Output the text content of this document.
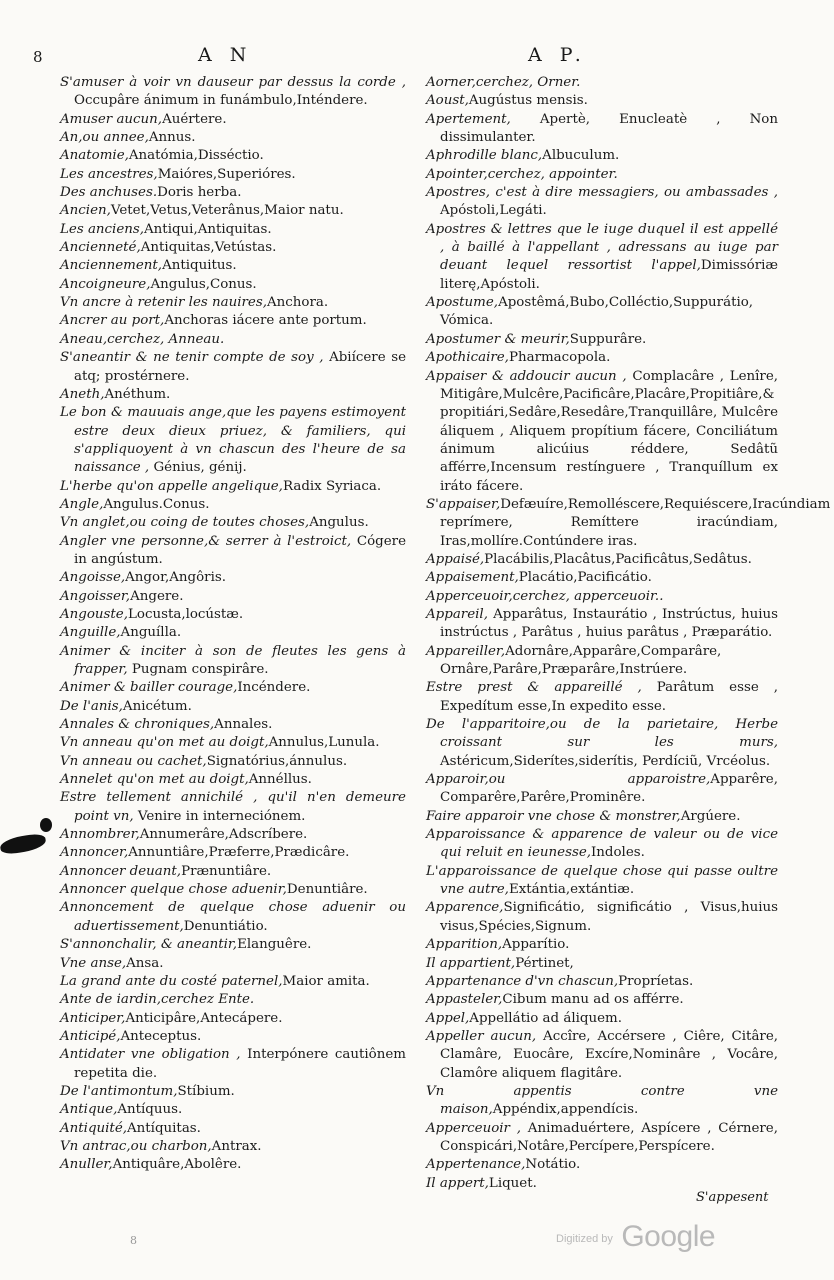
8	A N	A P.

S'amuser à voir vn dauseur par dessus la corde , Occupâre ánimum in funámbulo,Inténdere.

Amuser aucun,Auértere.

An,ou annee,Annus.

Anatomie,Anatómia,Disséctio.

Les ancestres,Maióres,Superióres.

Des anchuses.Doris herba.

Ancien,Vetet,Vetus,Veterânus,Maior natu.

Les anciens,Antiqui,Antiquitas.

Ancienneté,Antiquitas,Vetústas.

Anciennement,Antiquitus.

Ancoigneure,Angulus,Conus.

Vn ancre à retenir les nauires,Anchora.

Ancrer au port,Anchoras iácere ante portum.

Aneau,cerchez, Anneau.

S'aneantir & ne tenir compte de soy , Abiícere se atq; prostérnere.

Aneth,Anéthum.

Le bon & mauuais ange,que les payens estimoyent estre deux dieux priuez, & familiers, qui s'appliquoyent à vn chascun des l'heure de sa naissance , Génius, génij.

L'herbe qu'on appelle angelique,Radix Syriaca.

Angle,Angulus.Conus.

Vn anglet,ou coing de toutes choses,Angulus.

Angler vne personne,& serrer à l'estroict, Cógere in angústum.

Angoisse,Angor,Angôris.

Angoisser,Angere.

Angouste,Locusta,locústæ.

Anguille,Anguílla.

Animer & inciter à son de fleutes les gens à frapper, Pugnam conspirâre.

Animer & bailler courage,Incéndere.

De l'anis,Anicétum.

Annales & chroniques,Annales.

Vn anneau qu'on met au doigt,Annulus,Lunula.

Vn anneau ou cachet,Signatórius,ánnulus.

Annelet qu'on met au doigt,Annéllus.

Estre tellement annichilé , qu'il n'en demeure point vn, Venire in interneciónem.

Annombrer,Annumerâre,Adscríbere.

Annoncer,Annuntiâre,Præferre,Prædicâre.

Annoncer deuant,Prænuntiâre.

Annoncer quelque chose aduenir,Denuntiâre.

Annoncement de quelque chose aduenir ou aduertissement,Denuntiátio.

S'annonchalir, & aneantir,Elanguêre.

Vne anse,Ansa.

La grand ante du costé paternel,Maior amita.

Ante de iardin,cerchez Ente.

Anticiper,Anticipâre,Antecápere.

Anticipé,Anteceptus.

Antidater vne obligation , Interpónere cautiônem repetita die.

De l'antimontum,Stíbium.

Antique,Antíquus.

Antiquité,Antíquitas.

Vn antrac,ou charbon,Antrax.

Anuller,Antiquâre,Abolêre.

Aorner,cerchez, Orner.

Aoust,Augústus mensis.

Apertement, Apertè, Enucleatè , Non dissimulanter.

Aphrodille blanc,Albuculum.

Apointer,cerchez, appointer.

Apostres, c'est à dire messagiers, ou ambassades , Apóstoli,Legáti.

Apostres & lettres que le iuge duquel il est appellé , à baillé à l'appellant , adressans au iuge par deuant lequel ressortist l'appel,Dimissóriæ literę,Apóstoli.

Apostume,Apostêmá,Bubo,Colléctio,Suppurátio, Vómica.

Apostumer & meurir,Suppurâre.

Apothicaire,Pharmacopola.

Appaiser & addoucir aucun , Complacâre , Lenîre, Mitigâre,Mulcêre,Pacificâre,Placâre,Propitiâre,& propitiári,Sedâre,Resedâre,Tranquillâre, Mulcêre áliquem , Aliquem propítium fácere, Conciliátum ánimum alicúius réddere, Sedâtũ afférre,Incensum restínguere , Tranquíllum ex iráto fácere.

S'appaiser,Defæuíre,Remolléscere,Requiéscere,Iracúndiam reprímere, Remíttere iracúndiam, Iras,mollíre.Contúndere iras.

Appaisé,Placábilis,Placâtus,Pacificâtus,Sedâtus.

Appaisement,Placátio,Pacificátio.

Apperceuoir,cerchez, apperceuoir..

Appareil, Apparâtus, Instaurátio , Instrúctus, huius instrúctus , Parâtus , huius parâtus , Præparátio.

Appareiller,Adornâre,Apparâre,Comparâre, Ornâre,Parâre,Præparâre,Instrúere.

Estre prest & appareillé , Parâtum esse , Expedítum esse,In expedito esse.

De l'apparitoire,ou de la parietaire, Herbe croissant sur les murs, Astéricum,Siderítes,siderítis, Perdíciũ, Vrcéolus.

Apparoir,ou apparoistre,Apparêre, Comparêre,Parêre,Prominêre.

Faire apparoir vne chose & monstrer,Argúere.

Apparoissance & apparence de valeur ou de vice qui reluit en ieunesse,Indoles.

L'apparoissance de quelque chose qui passe oultre vne autre,Extántia,extántiæ.

Apparence,Significátio, significátio , Visus,huius visus,Spécies,Signum.

Apparition,Apparítio.

Il appartient,Pértinet,

Appartenance d'vn chascun,Propríetas.

Appasteler,Cibum manu ad os afférre.

Appel,Appellátio ad áliquem.

Appeller aucun, Accîre, Accérsere , Ciêre, Citâre, Clamâre, Euocâre, Excíre,Nominâre , Vocâre, Clamôre aliquem flagitâre.

Vn appentis contre vne maison,Appéndix,appendícis.

Apperceuoir , Animaduértere, Aspícere , Cérnere, Conspicári,Notâre,Percípere,Perspícere.

Appertenance,Notátio.

Il appert,Liquet.

S'appesent
8	$^{Digitized by}$ Google
